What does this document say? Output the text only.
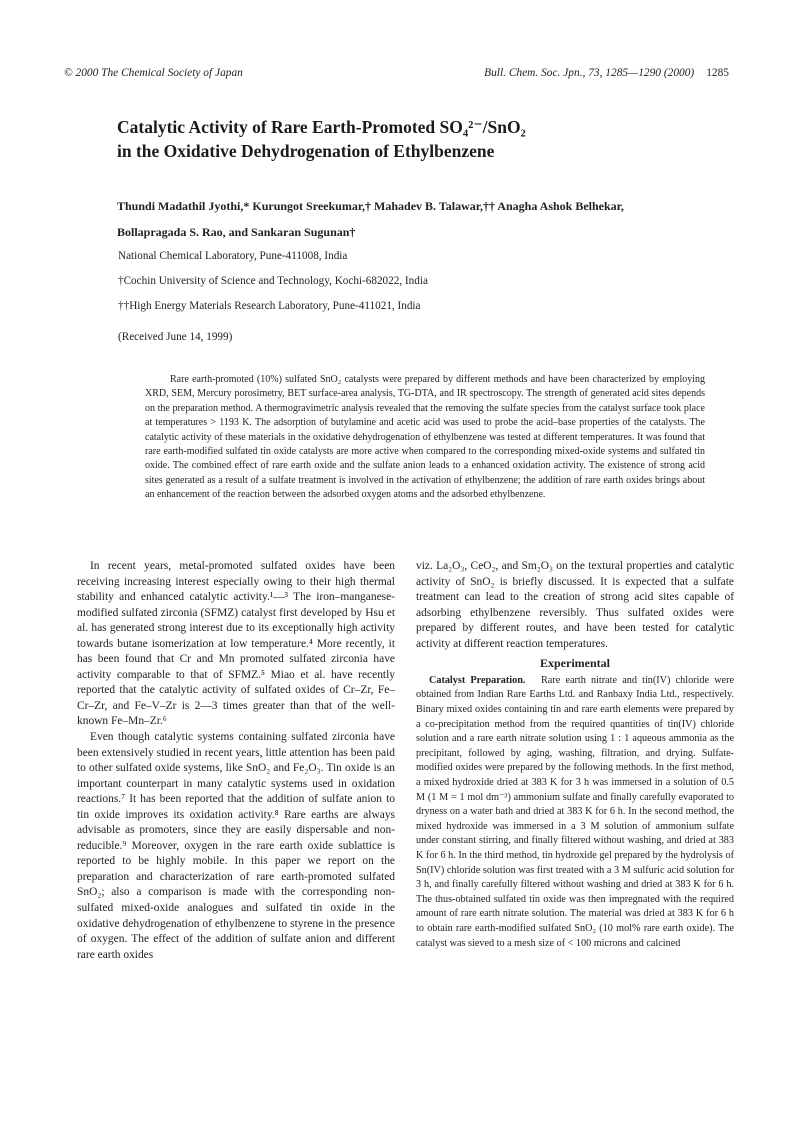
© 2000 The Chemical Society of Japan	Bull. Chem. Soc. Jpn., 73, 1285—1290 (2000) 1285
Catalytic Activity of Rare Earth-Promoted SO₄²⁻/SnO₂
in the Oxidative Dehydrogenation of Ethylbenzene
Thundi Madathil Jyothi,* Kurungot Sreekumar,† Mahadev B. Talawar,†† Anagha Ashok Belhekar,
Bollapragada S. Rao, and Sankaran Sugunan†
National Chemical Laboratory, Pune-411008, India
†Cochin University of Science and Technology, Kochi-682022, India
††High Energy Materials Research Laboratory, Pune-411021, India
(Received June 14, 1999)

Rare earth-promoted (10%) sulfated SnO₂ catalysts were prepared by different methods and have been characterized by employing XRD, SEM, Mercury porosimetry, BET surface-area analysis, TG-DTA, and IR spectroscopy. The strength of generated acid sites depends on the preparation method. A thermogravimetric analysis revealed that the removing the sulfate species from the catalyst surface took place at temperatures > 1193 K. The adsorption of butylamine and acetic acid was used to probe the acid–base properties of the catalysts. The catalytic activity of these materials in the oxidative dehydrogenation of ethylbenzene was tested at different temperatures. It was found that rare earth-modified sulfated tin oxide catalysts are more active when compared to the corresponding mixed-oxide systems and sulfated tin oxide. The combined effect of rare earth oxide and the sulfate anion leads to a enhanced oxidation activity. The existence of strong acid sites generated as a result of a sulfate treatment is involved in the activation of ethylbenzene; the addition of rare earth oxides brings about an enhancement of the reaction between the adsorbed oxygen atoms and the adsorbed ethylbenzene.

In recent years, metal-promoted sulfated oxides have been receiving increasing interest especially owing to their high thermal stability and enhanced catalytic activity.¹—³ The iron–manganese-modified sulfated zirconia (SFMZ) catalyst first developed by Hsu et al. has generated strong interest due to its exceptionally high activity towards butane isomerization at low temperature.⁴ More recently, it has been found that Cr and Mn promoted sulfated zirconia have activity comparable to that of SFMZ.⁵ Miao et al. have recently reported that the catalytic activity of sulfated oxides of Cr–Zr, Fe–Cr–Zr, and Fe–V–Zr is 2—3 times greater than that of the well-known Fe–Mn–Zr.⁶

Even though catalytic systems containing sulfated zirconia have been extensively studied in recent years, little attention has been paid to other sulfated oxide systems, like SnO₂ and Fe₂O₃. Tin oxide is an important counterpart in many catalytic systems used in oxidation reactions.⁷ It has been reported that the addition of sulfate anion to tin oxide improves its oxidation activity.⁸ Rare earths are always advisable as promoters, since they are easily dispersable and non-reducible.⁹ Moreover, oxygen in the rare earth oxide sublattice is reported to be highly mobile. In this paper we report on the preparation and characterization of rare earth-promoted sulfated SnO₂; also a comparison is made with the corresponding non-sulfated mixed-oxide analogues and sulfated tin oxide in the oxidative dehydrogenation of ethylbenzene to styrene in the presence of oxygen. The effect of the addition of sulfate anion and different rare earth oxides

viz. La₂O₃, CeO₂, and Sm₂O₃ on the textural properties and catalytic activity of SnO₂ is briefly discussed. It is expected that a sulfate treatment can lead to the creation of strong acid sites capable of adsorbing ethylbenzene reversibly. Thus sulfated oxides were prepared by different routes, and have been tested for catalytic activity at different reaction temperatures.

Experimental

Catalyst Preparation. Rare earth nitrate and tin(IV) chloride were obtained from Indian Rare Earths Ltd. and Ranbaxy India Ltd., respectively. Binary mixed oxides containing tin and rare earth elements were prepared by a co-precipitation method from the required quantities of tin(IV) chloride solution and a rare earth nitrate solution using 1 : 1 aqueous ammonia as the precipitant, followed by aging, washing, filtration, and drying. Sulfate-modified oxides were prepared by the following methods. In the first method, a mixed hydroxide dried at 383 K for 3 h was immersed in a solution of 0.5 M (1 M = 1 mol dm⁻³) ammonium sulfate and finally carefully evaporated to dryness on a water bath and dried at 383 K for 6 h. In the second method, the mixed hydroxide was immersed in a 3 M solution of ammonium sulfate under constant stirring, and finally filtered without washing, and dried at 383 K for 6 h. In the third method, tin hydroxide gel prepared by the hydrolysis of Sn(IV) chloride solution was first treated with a 3 M sulfuric acid solution for 3 h, and finally carefully filtered without washing and dried at 383 K for 6 h. The thus-obtained sulfated tin oxide was then impregnated with the required amount of rare earth nitrate solution. The material was dried at 383 K for 6 h to obtain rare earth-modified sulfated SnO₂ (10 mol% rare earth oxide). The catalyst was sieved to a mesh size of < 100 microns and calcined
